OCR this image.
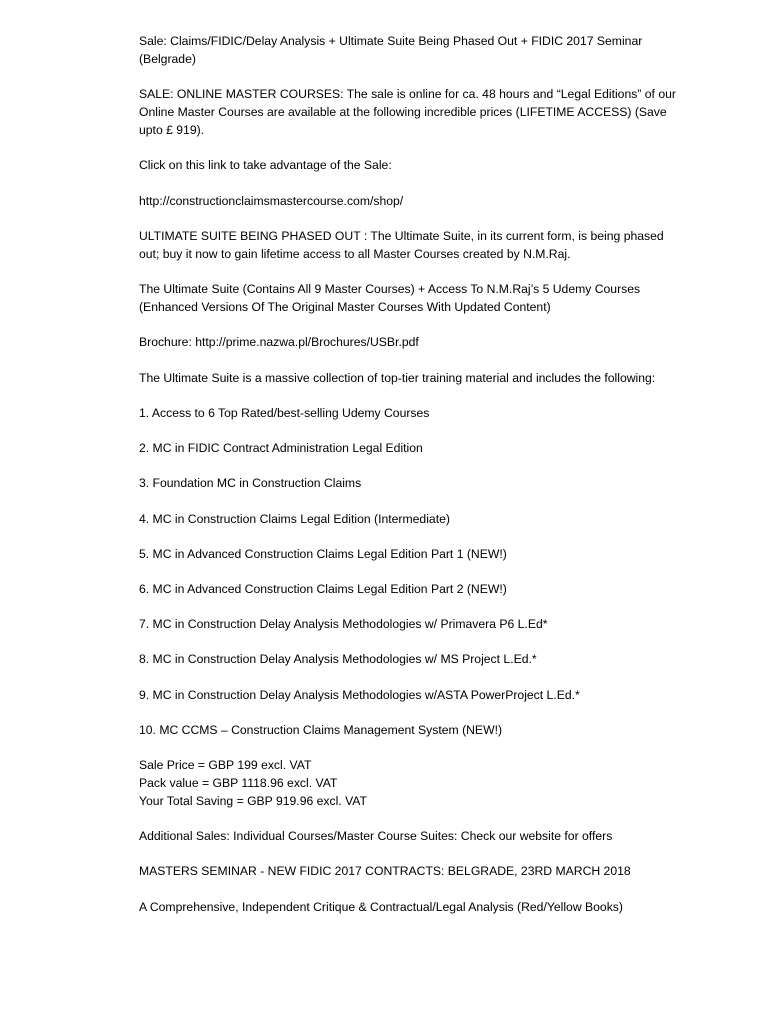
Sale: Claims/FIDIC/Delay Analysis + Ultimate Suite Being Phased Out + FIDIC 2017 Seminar (Belgrade)

SALE: ONLINE MASTER COURSES: The sale is online for ca. 48 hours and “Legal Editions” of our Online Master Courses are available at the following incredible prices (LIFETIME ACCESS) (Save upto £ 919).

Click on this link to take advantage of the Sale:

http://constructionclaimsmastercourse.com/shop/

ULTIMATE SUITE BEING PHASED OUT : The Ultimate Suite, in its current form, is being phased out; buy it now to gain lifetime access to all Master Courses created by N.M.Raj.

The Ultimate Suite (Contains All 9 Master Courses) + Access To N.M.Raj’s 5 Udemy Courses (Enhanced Versions Of The Original Master Courses With Updated Content)

Brochure: http://prime.nazwa.pl/Brochures/USBr.pdf

The Ultimate Suite is a massive collection of top-tier training material and includes the following:

1. Access to 6 Top Rated/best-selling Udemy Courses

2. MC in FIDIC Contract Administration Legal Edition

3. Foundation MC in Construction Claims

4. MC in Construction Claims Legal Edition (Intermediate)

5. MC in Advanced Construction Claims Legal Edition Part 1 (NEW!)

6. MC in Advanced Construction Claims Legal Edition Part 2 (NEW!)

7. MC in Construction Delay Analysis Methodologies w/ Primavera P6 L.Ed*

8. MC in Construction Delay Analysis Methodologies w/ MS Project L.Ed.*

9. MC in Construction Delay Analysis Methodologies w/ASTA PowerProject L.Ed.*

10. MC CCMS – Construction Claims Management System (NEW!)

Sale Price = GBP 199 excl. VAT
Pack value = GBP 1118.96 excl. VAT
Your Total Saving = GBP 919.96 excl. VAT

Additional Sales: Individual Courses/Master Course Suites: Check our website for offers

MASTERS SEMINAR - NEW FIDIC 2017 CONTRACTS: BELGRADE, 23RD MARCH 2018

A Comprehensive, Independent Critique & Contractual/Legal Analysis (Red/Yellow Books)
